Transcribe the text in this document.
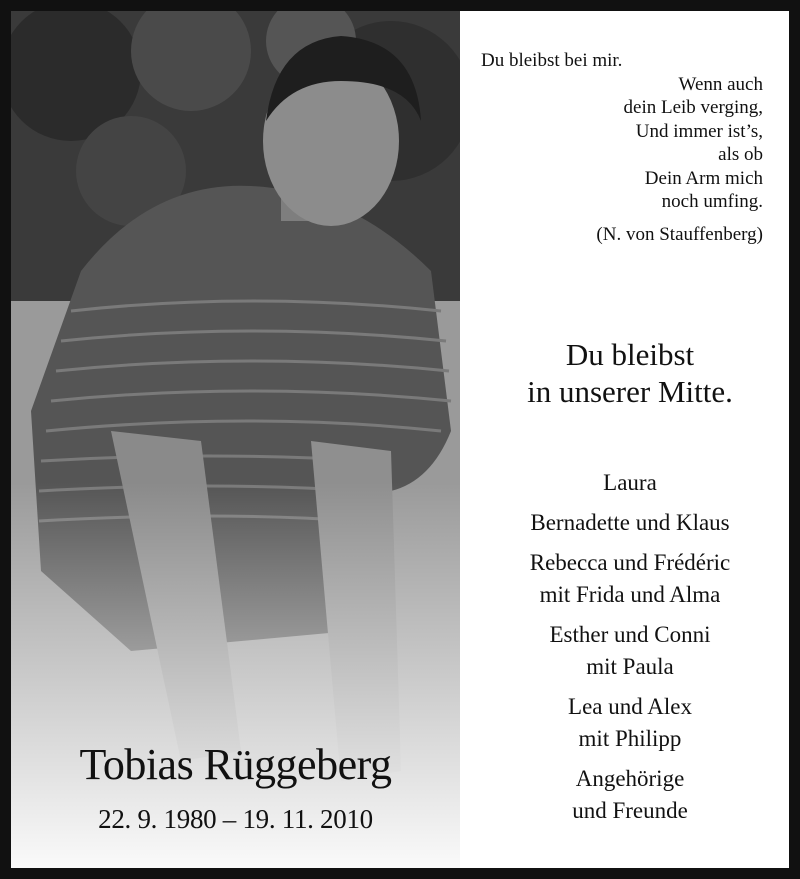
Tobias Rüggeberg
22. 9. 1980 – 19. 11. 2010
Du bleibst bei mir.
Wenn auch
dein Leib verging,
Und immer ist’s,
als ob
Dein Arm mich
noch umfing.
(N. von Stauffenberg)
Du bleibst
in unserer Mitte.
Laura
Bernadette und Klaus
Rebecca und Frédéric
mit Frida und Alma
Esther und Conni
mit Paula
Lea und Alex
mit Philipp
Angehörige
und Freunde
